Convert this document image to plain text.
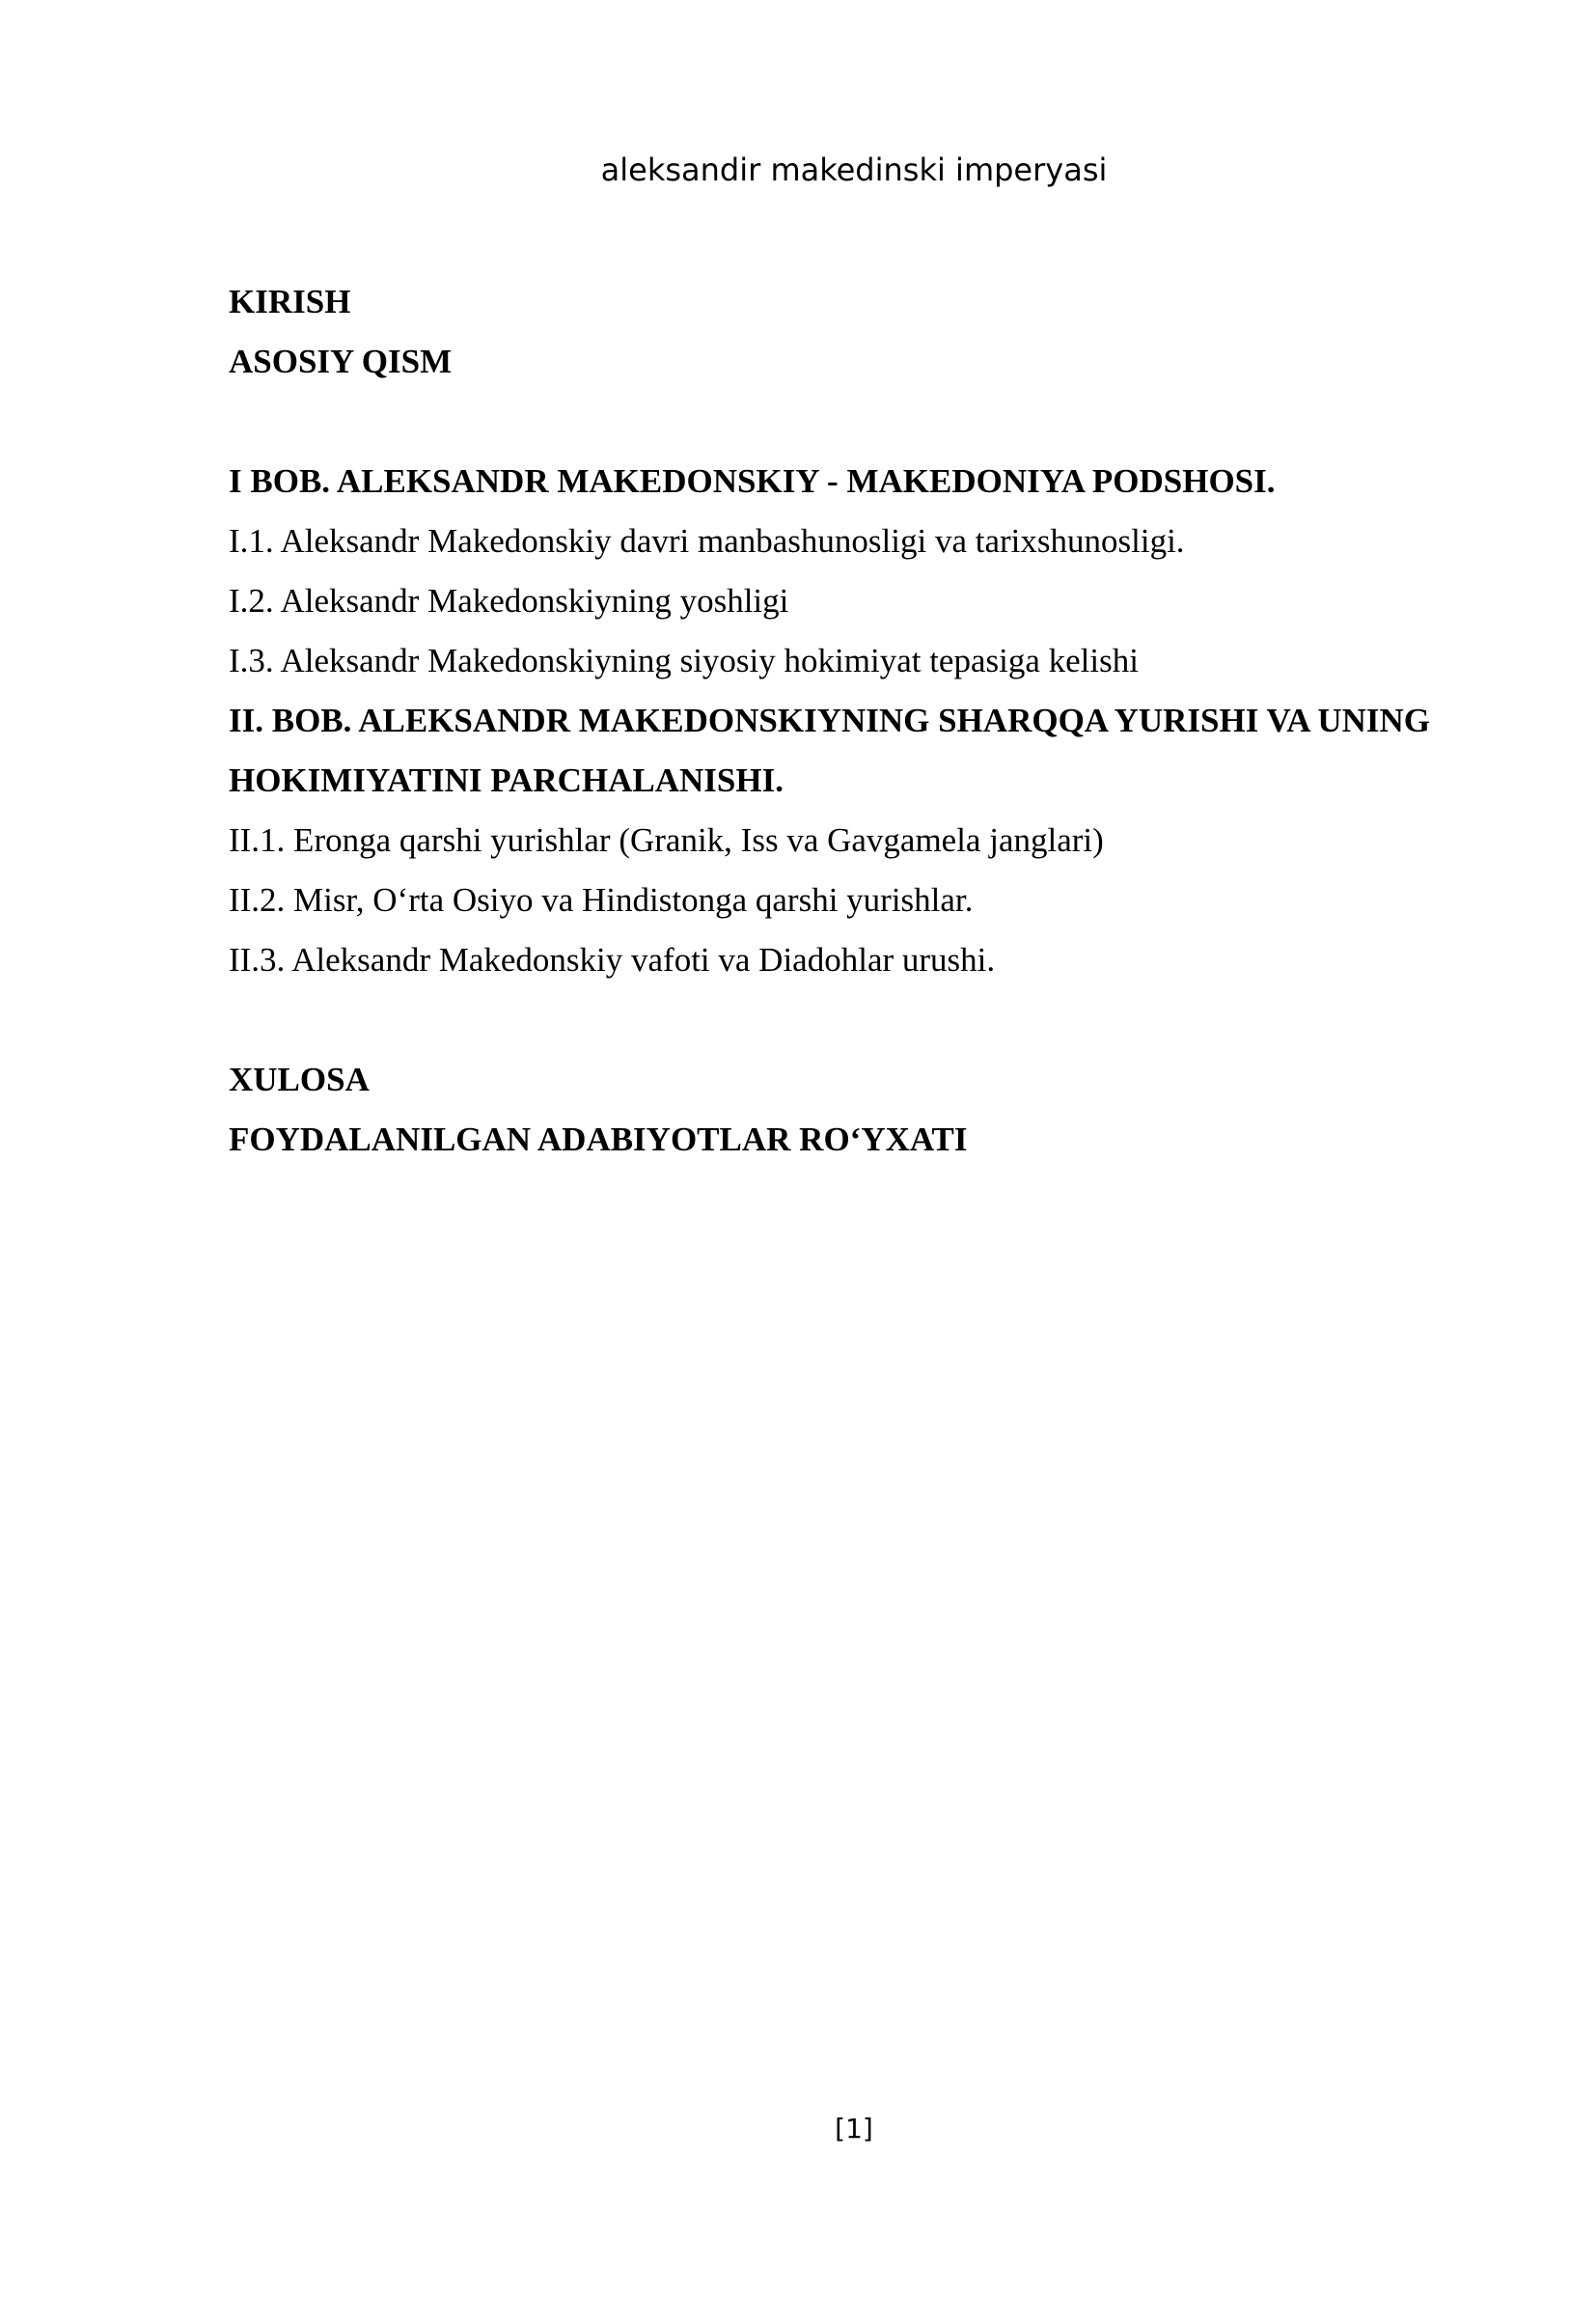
aleksandir makedinski imperyasi

KIRISH

ASOSIY QISM

I BOB. ALEKSANDR MAKEDONSKIY - MAKEDONIYA PODSHOSI.

I.1. Aleksandr Makedonskiy davri manbashunosligi va tarixshunosligi.

I.2. Aleksandr Makedonskiyning yoshligi

I.3. Aleksandr Makedonskiyning siyosiy hokimiyat tepasiga kelishi

II. BOB. ALEKSANDR MAKEDONSKIYNING SHARQQA YURISHI VA UNING

HOKIMIYATINI PARCHALANISHI.

II.1. Eronga qarshi yurishlar (Granik, Iss va Gavgamela janglari)

II.2. Misr, O‘rta Osiyo va Hindistonga qarshi yurishlar.

II.3. Aleksandr Makedonskiy vafoti va Diadohlar urushi.

XULOSA

FOYDALANILGAN ADABIYOTLAR RO‘YXATI

[1]
